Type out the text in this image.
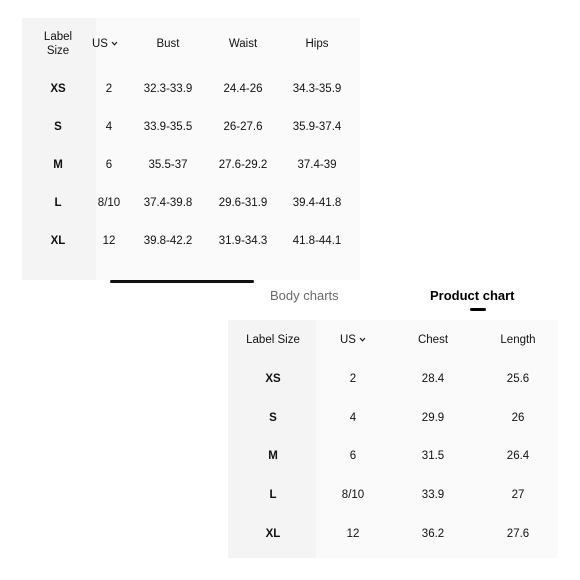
Label Size	US	Bust	Waist	Hips
XS	2	32.3-33.9	24.4-26	34.3-35.9
S	4	33.9-35.5	26-27.6	35.9-37.4
M	6	35.5-37	27.6-29.2	37.4-39
L	8/10	37.4-39.8	29.6-31.9	39.4-41.8
XL	12	39.8-42.2	31.9-34.3	41.8-44.1
Body charts	Product chart
Label Size	US	Chest	Length
XS	2	28.4	25.6
S	4	29.9	26
M	6	31.5	26.4
L	8/10	33.9	27
XL	12	36.2	27.6
